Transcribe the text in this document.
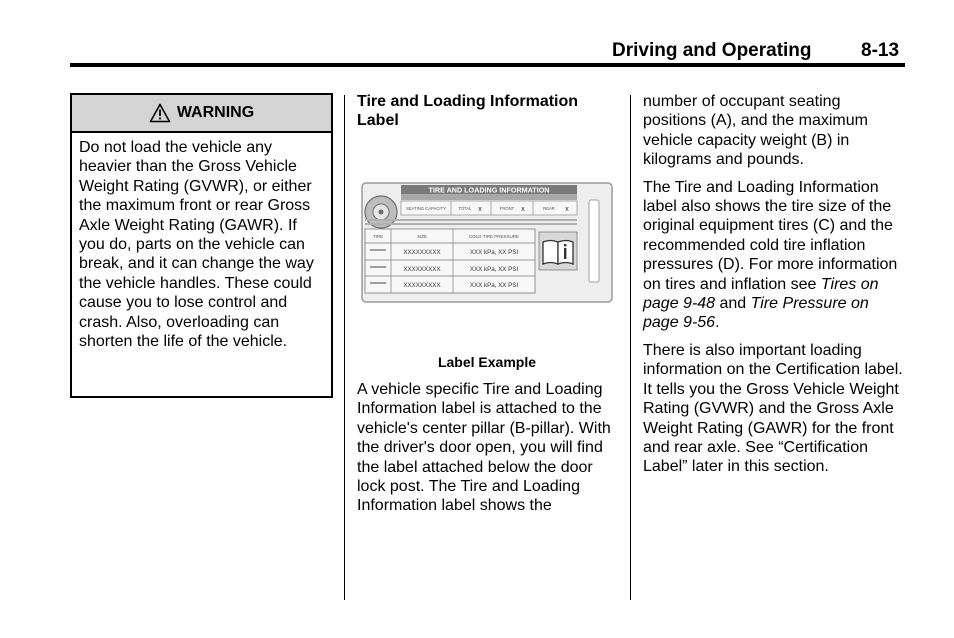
Driving and Operating	8-13
WARNING
Do not load the vehicle any heavier than the Gross Vehicle Weight Rating (GVWR), or either the maximum front or rear Gross Axle Weight Rating (GAWR). If you do, parts on the vehicle can break, and it can change the way the vehicle handles. These could cause you to lose control and crash. Also, overloading can shorten the life of the vehicle.

Tire and Loading Information Label

TIRE AND LOADING INFORMATION
SEATING CAPACITY	TOTAL x	FRONT x	REAR x
TIRE	SIZE	COLD TIRE PRESSURE
XXXXXXXXX	XXX kPa, XX PSI
XXXXXXXXX	XXX kPa, XX PSI
XXXXXXXXX	XXX kPa, XX PSI
Label Example

A vehicle specific Tire and Loading Information label is attached to the vehicle's center pillar (B-pillar). With the driver's door open, you will find the label attached below the door lock post. The Tire and Loading Information label shows the

number of occupant seating positions (A), and the maximum vehicle capacity weight (B) in kilograms and pounds.

The Tire and Loading Information label also shows the tire size of the original equipment tires (C) and the recommended cold tire inflation pressures (D). For more information on tires and inflation see Tires on page 9-48 and Tire Pressure on page 9-56.

There is also important loading information on the Certification label. It tells you the Gross Vehicle Weight Rating (GVWR) and the Gross Axle Weight Rating (GAWR) for the front and rear axle. See “Certification Label” later in this section.
